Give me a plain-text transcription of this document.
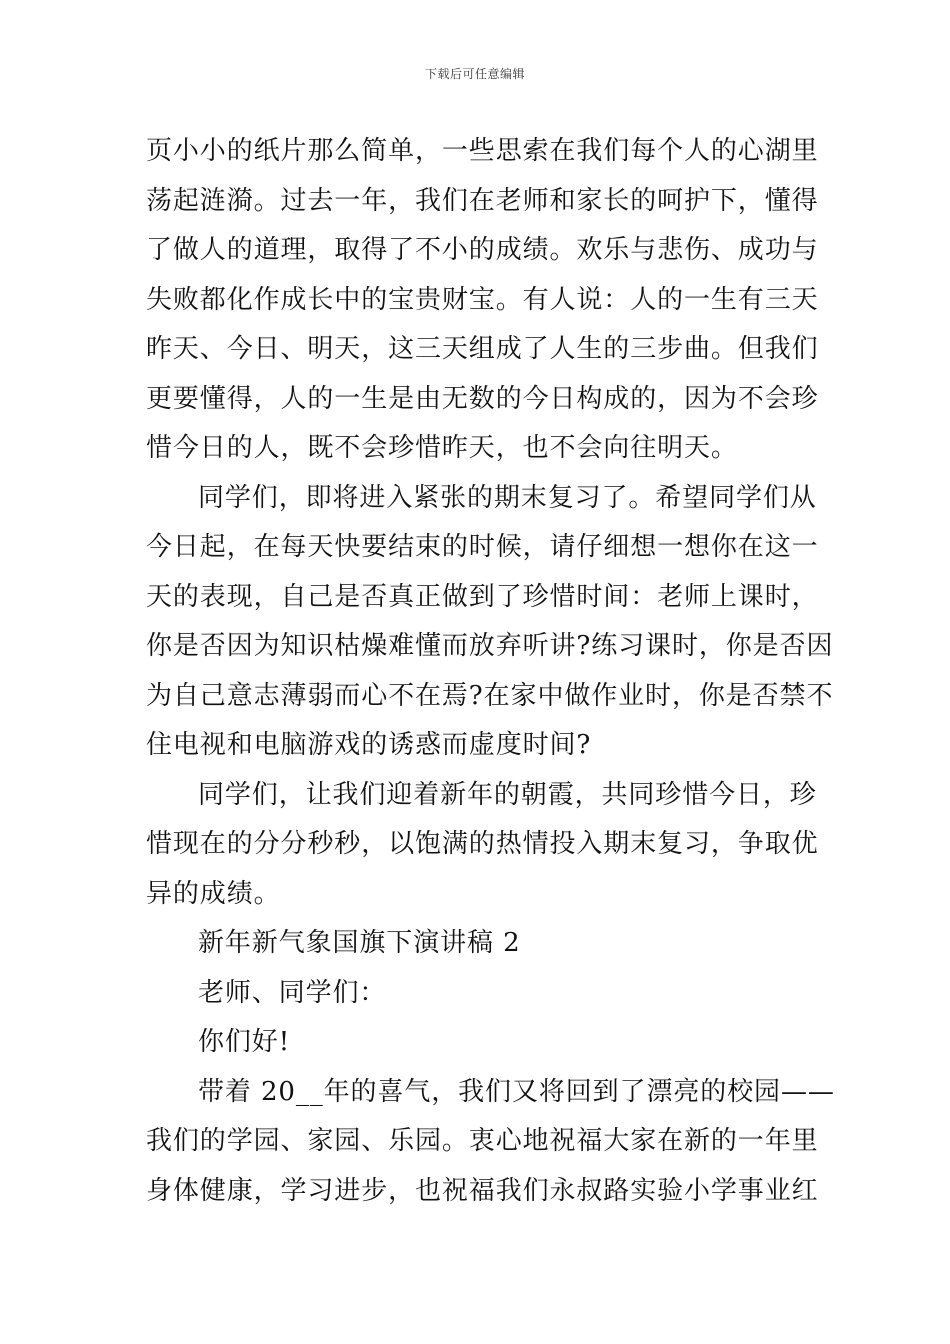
下载后可任意编辑
页小小的纸片那么简单，一些思索在我们每个人的心湖里
荡起涟漪。过去一年，我们在老师和家长的呵护下，懂得
了做人的道理，取得了不小的成绩。欢乐与悲伤、成功与
失败都化作成长中的宝贵财宝。有人说：人的一生有三天
昨天、今日、明天，这三天组成了人生的三步曲。但我们
更要懂得，人的一生是由无数的今日构成的，因为不会珍
惜今日的人，既不会珍惜昨天，也不会向往明天。
同学们，即将进入紧张的期末复习了。希望同学们从
今日起，在每天快要结束的时候，请仔细想一想你在这一
天的表现，自己是否真正做到了珍惜时间：老师上课时，
你是否因为知识枯燥难懂而放弃听讲?练习课时，你是否因
为自己意志薄弱而心不在焉?在家中做作业时，你是否禁不
住电视和电脑游戏的诱惑而虚度时间?
同学们，让我们迎着新年的朝霞，共同珍惜今日，珍
惜现在的分分秒秒，以饱满的热情投入期末复习，争取优
异的成绩。
新年新气象国旗下演讲稿 2
老师、同学们：
你们好!
带着 20__年的喜气，我们又将回到了漂亮的校园——
我们的学园、家园、乐园。衷心地祝福大家在新的一年里
身体健康，学习进步，也祝福我们永叔路实验小学事业红
